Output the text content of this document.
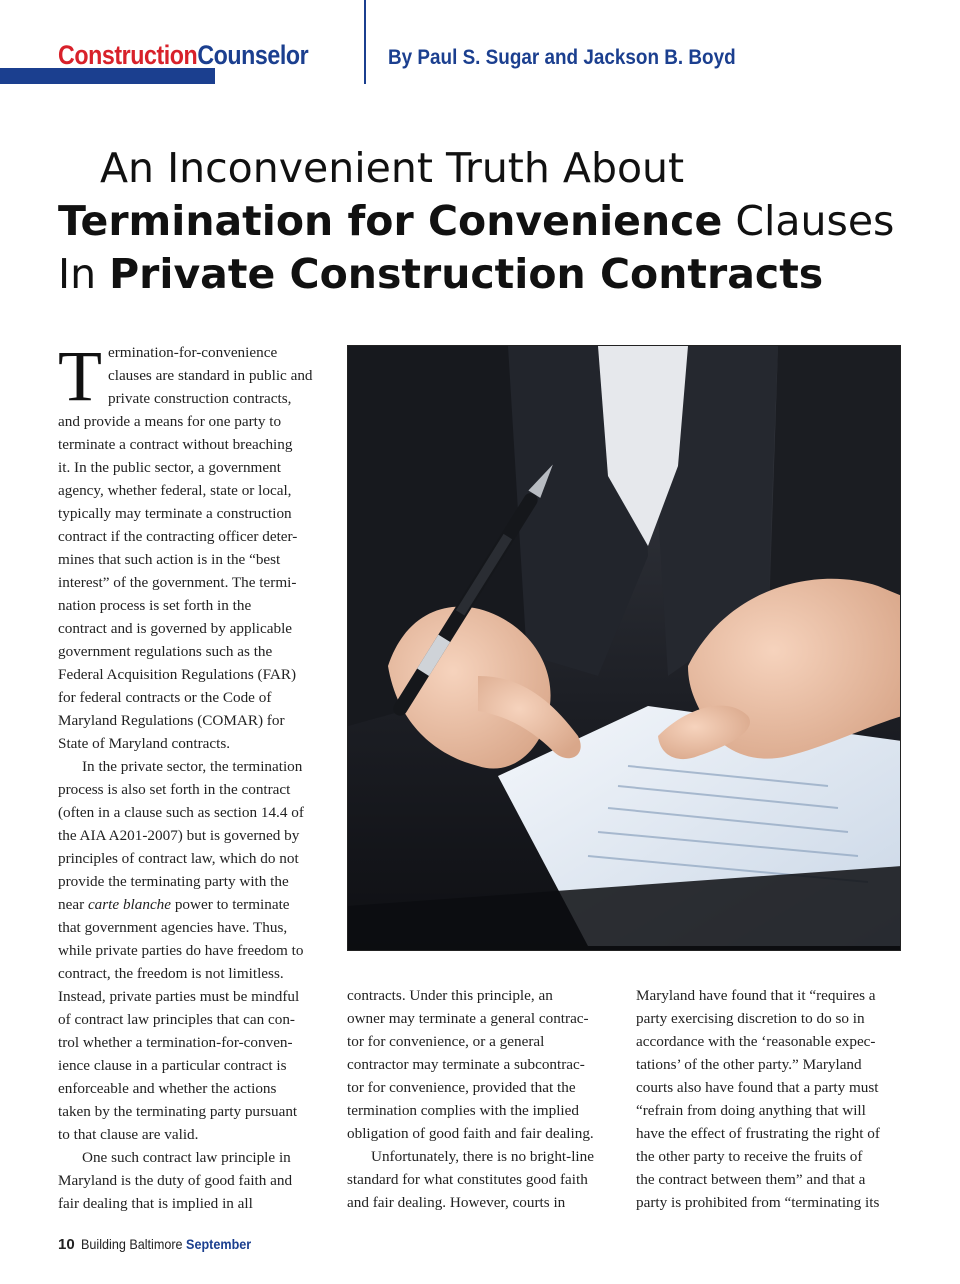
ConstructionCounselor	By Paul S. Sugar and Jackson B. Boyd
An Inconvenient Truth About
Termination for Convenience Clauses
In Private Construction Contracts
T ermination-for-convenience
clauses are standard in public and
private construction contracts,
and provide a means for one party to
terminate a contract without breaching
it. In the public sector, a government
agency, whether federal, state or local,
typically may terminate a construction
contract if the contracting officer deter-
mines that such action is in the “best
interest” of the government. The termi-
nation process is set forth in the
contract and is governed by applicable
government regulations such as the
Federal Acquisition Regulations (FAR)
for federal contracts or the Code of
Maryland Regulations (COMAR) for
State of Maryland contracts.
In the private sector, the termination
process is also set forth in the contract
(often in a clause such as section 14.4 of
the AIA A201-2007) but is governed by
principles of contract law, which do not
provide the terminating party with the
near carte blanche power to terminate
that government agencies have. Thus,
while private parties do have freedom to
contract, the freedom is not limitless.
Instead, private parties must be mindful
of contract law principles that can con-
trol whether a termination-for-conven-
ience clause in a particular contract is
enforceable and whether the actions
taken by the terminating party pursuant
to that clause are valid.
One such contract law principle in
Maryland is the duty of good faith and
fair dealing that is implied in all
contracts. Under this principle, an
owner may terminate a general contrac-
tor for convenience, or a general
contractor may terminate a subcontrac-
tor for convenience, provided that the
termination complies with the implied
obligation of good faith and fair dealing.
Unfortunately, there is no bright-line
standard for what constitutes good faith
and fair dealing. However, courts in
Maryland have found that it “requires a
party exercising discretion to do so in
accordance with the ‘reasonable expec-
tations’ of the other party.” Maryland
courts also have found that a party must
“refrain from doing anything that will
have the effect of frustrating the right of
the other party to receive the fruits of
the contract between them” and that a
party is prohibited from “terminating its
10 Building Baltimore September
